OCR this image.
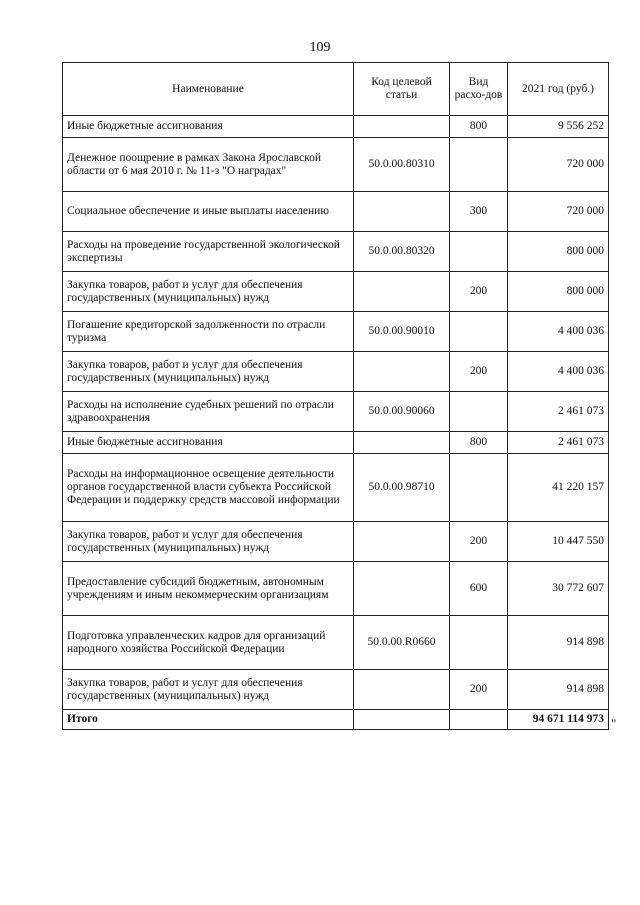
109
Наименование	Код целевой статьи	Вид расхо-дов	2021 год (руб.)
Иные бюджетные ассигнования		800	9 556 252
Денежное поощрение в рамках Закона Ярославской области от 6 мая 2010 г. № 11-з "О наградах"	50.0.00.80310		720 000
Социальное обеспечение и иные выплаты населению		300	720 000
Расходы на проведение государственной экологической экспертизы	50.0.00.80320		800 000
Закупка товаров, работ и услуг для обеспечения государственных (муниципальных) нужд		200	800 000
Погашение кредиторской задолженности по отрасли туризма	50.0.00.90010		4 400 036
Закупка товаров, работ и услуг для обеспечения государственных (муниципальных) нужд		200	4 400 036
Расходы на исполнение судебных решений по отрасли здравоохранения	50.0.00.90060		2 461 073
Иные бюджетные ассигнования		800	2 461 073
Расходы на информационное освещение деятельности органов государственной власти субъекта Российской Федерации и поддержку средств массовой информации	50.0.00.98710		41 220 157
Закупка товаров, работ и услуг для обеспечения государственных (муниципальных) нужд		200	10 447 550
Предоставление субсидий бюджетным, автономным учреждениям и иным некоммерческим организациям		600	30 772 607
Подготовка управленческих кадров для организаций народного хозяйства Российской Федерации	50.0.00.R0660		914 898
Закупка товаров, работ и услуг для обеспечения государственных (муниципальных) нужд		200	914 898
Итого			94 671 114 973 "
